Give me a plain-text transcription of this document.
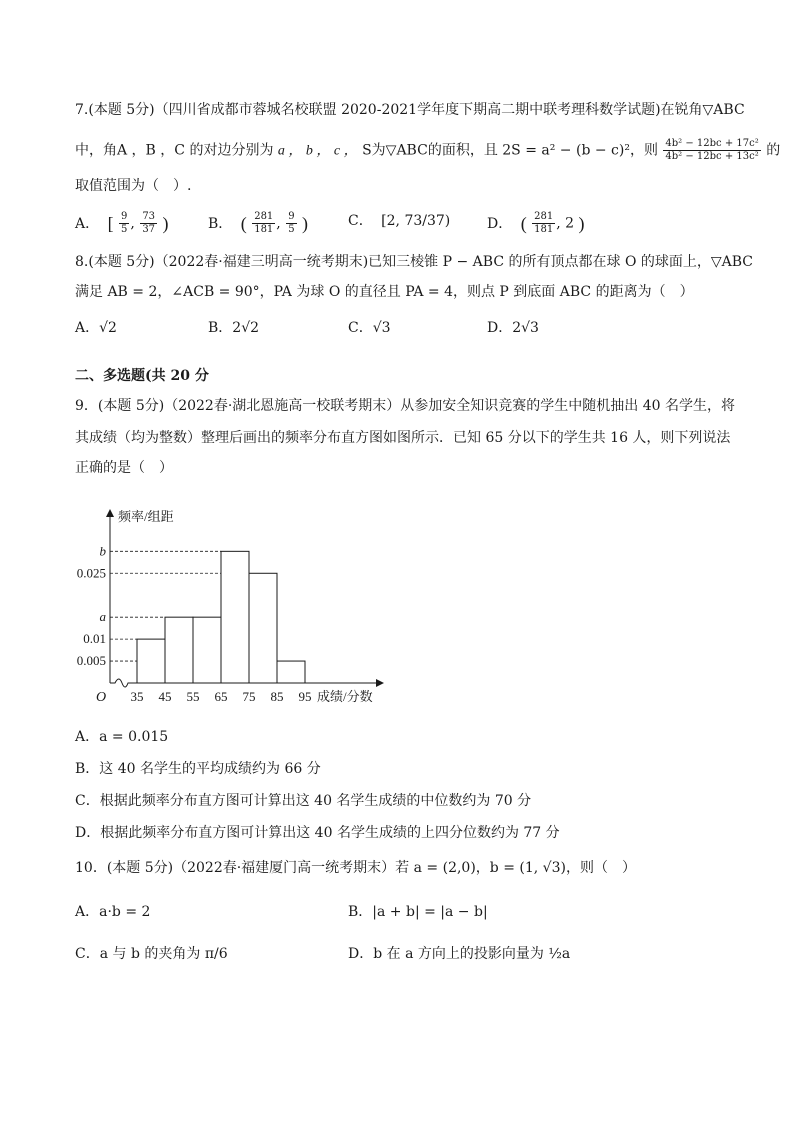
7.(本题 5分)（四川省成都市蓉城名校联盟 2020-2021学年度下期高二期中联考理科数学试题)在锐角▽ABC
中，角A ，B ，C 的对边分别为 a ， b ， c ， S为▽ABC的面积，且 2S = a² − (b − c)²，则 $\frac{\text{4b² − 12bc + 17c²}}{\text{4b² − 12bc + 13c²}}$ 的
取值范围为（　）.
A． [ $\frac{9}{5}$ , $\frac{73}{37}$ )	B． ( $\frac{281}{181}$ , $\frac{9}{5}$ )	C． [2, 73/37)	D． ( $\frac{281}{181}$ , 2 )
8.(本题 5分)（2022春·福建三明高一统考期末)已知三棱锥 P − ABC 的所有顶点都在球 O 的球面上，▽ABC
满足 AB = 2，∠ACB = 90°，PA 为球 O 的直径且 PA = 4，则点 P 到底面 ABC 的距离为（　）
A．√2	B．2√2	C．√3	D．2√3
二、多选题(共 20 分
9．(本题 5分)（2022春·湖北恩施高一校联考期末）从参加安全知识竞赛的学生中随机抽出 40 名学生，将
其成绩（均为整数）整理后画出的频率分布直方图如图所示．已知 65 分以下的学生共 16 人，则下列说法
正确的是（　）
0.005
0.01
a
0.025
b
35 45 55 65 75 85 95
频率/组距
成绩/分数
O
A．a = 0.015
B．这 40 名学生的平均成绩约为 66 分
C．根据此频率分布直方图可计算出这 40 名学生成绩的中位数约为 70 分
D．根据此频率分布直方图可计算出这 40 名学生成绩的上四分位数约为 77 分
10．(本题 5分)（2022春·福建厦门高一统考期末）若 a = (2,0)，b = (1, √3)，则（　）
A．a·b = 2	B．|a + b| = |a − b|
C．a 与 b 的夹角为 π/6	D．b 在 a 方向上的投影向量为 ½a
